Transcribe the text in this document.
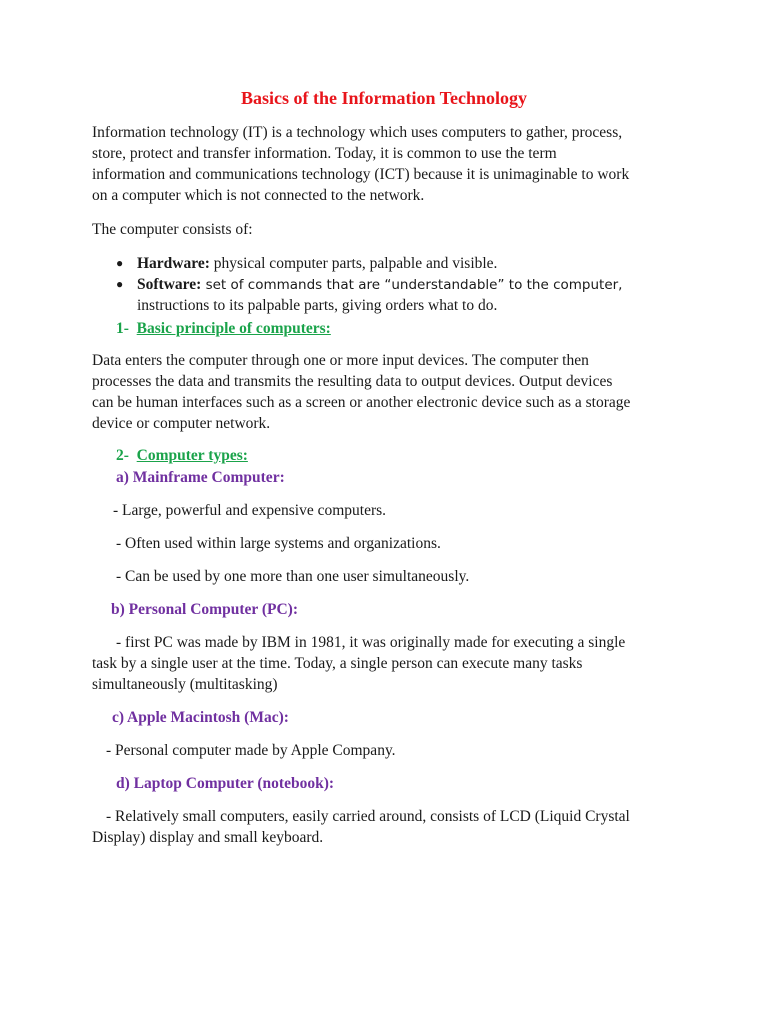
Basics of the Information Technology
Information technology (IT) is a technology which uses computers to gather, process,
store, protect and transfer information. Today, it is common to use the term
information and communications technology (ICT) because it is unimaginable to work
on a computer which is not connected to the network.
The computer consists of:
● Hardware: physical computer parts, palpable and visible.
● Software: set of commands that are “understandable” to the computer,
instructions to its palpable parts, giving orders what to do.
1- Basic principle of computers:
Data enters the computer through one or more input devices. The computer then
processes the data and transmits the resulting data to output devices. Output devices
can be human interfaces such as a screen or another electronic device such as a storage
device or computer network.
2- Computer types:
a) Mainframe Computer:
- Large, powerful and expensive computers.
- Often used within large systems and organizations.
- Can be used by one more than one user simultaneously.
b) Personal Computer (PC):
- first PC was made by IBM in 1981, it was originally made for executing a single
task by a single user at the time. Today, a single person can execute many tasks
simultaneously (multitasking)
c) Apple Macintosh (Mac):
- Personal computer made by Apple Company.
d) Laptop Computer (notebook):
- Relatively small computers, easily carried around, consists of LCD (Liquid Crystal
Display) display and small keyboard.
